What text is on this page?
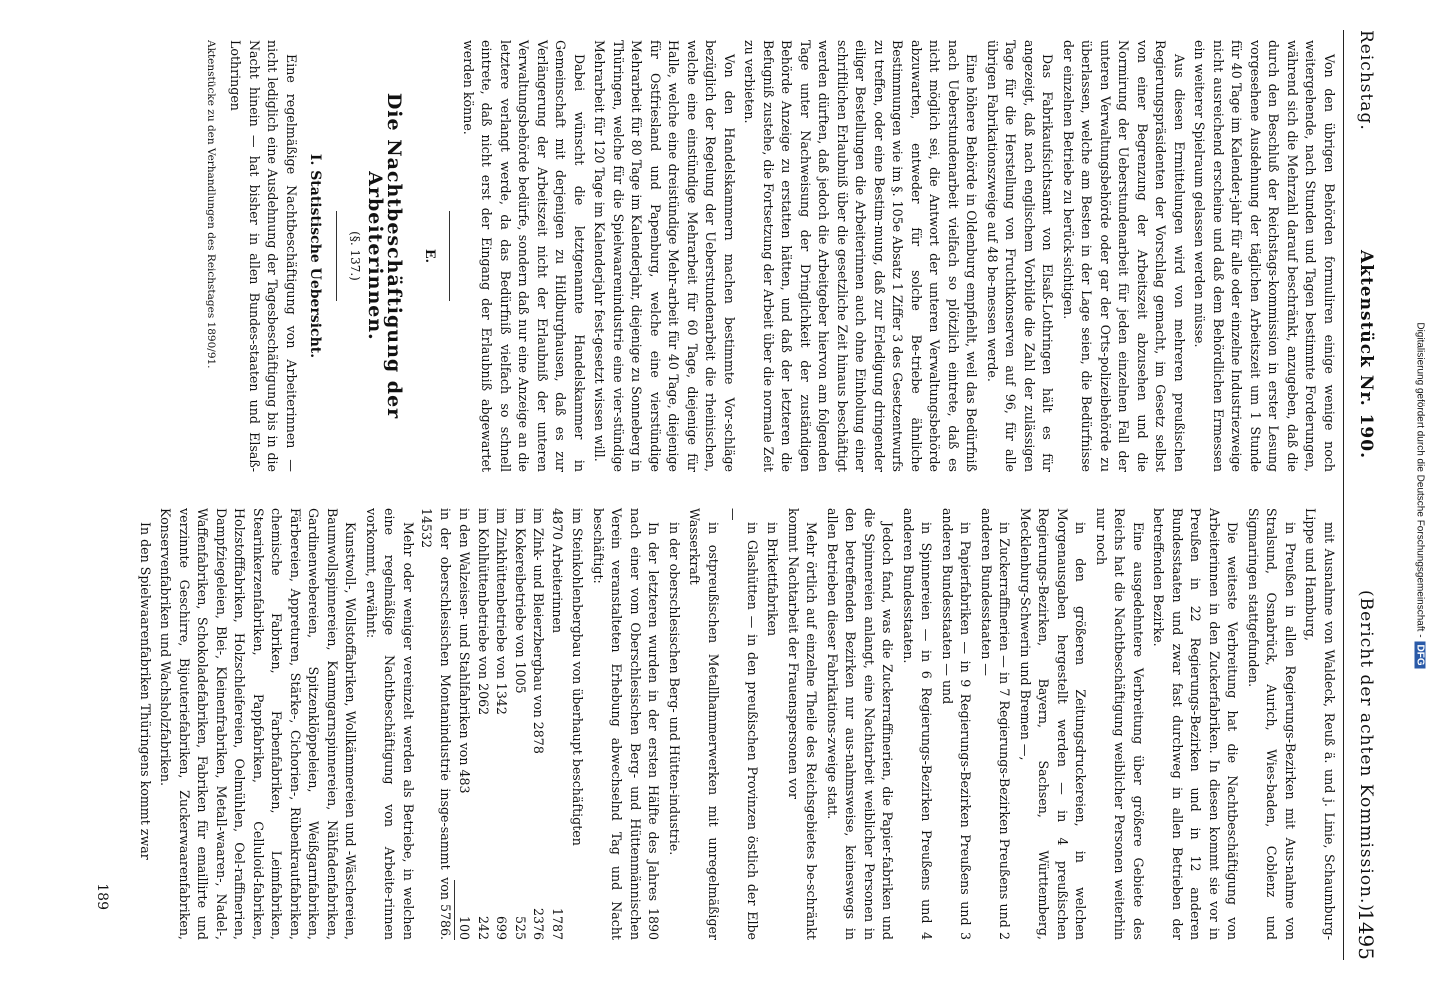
Reichstag.
Aktenstück Nr. 190.
(Bericht der achten Kommission.)
1495

Von den übrigen Behörden formuliren einige wenige noch weitergehende, nach Stunden und Tagen bestimmte Forderungen, während sich die Mehrzahl darauf beschränkt, anzugeben, daß die durch den Beschluß der Reichstags-kommission in erster Lesung vorgesehene Ausdehnung der täglichen Arbeitszeit um 1 Stunde für 40 Tage im Kalender-jahr für alle oder einzelne Industriezweige nicht ausreichend erscheine und daß dem Behördlichen Ermessen ein weiterer Spielraum gelassen werden müsse.

Aus diesen Ermittelungen wird von mehreren preußischen Regierungspräsidenten der Vorschlag gemacht, im Gesetz selbst von einer Begrenzung der Arbeitszeit abzusehen und die Normirung der Ueberstundenarbeit für jeden einzelnen Fall der unteren Verwaltungsbehörde oder gar der Orts-polizeibehörde zu überlassen, welche am Besten in der Lage seien, die Bedürfnisse der einzelnen Betriebe zu berück-sichtigen.

Das Fabrikaufsichtsamt von Elsaß-Lothringen hält es für angezeigt, daß nach englischem Vorbilde die Zahl der zulässigen Tage für die Herstellung von Fruchtkonserven auf 96, für alle übrigen Fabrikationszweige auf 48 be-messen werde.

Eine höhere Behörde in Oldenburg empfiehlt, weil das Bedürfniß nach Ueberstundenarbeit vielfach so plötzlich eintrete, daß es nicht möglich sei, die Antwort der unteren Verwaltungsbehörde abzuwarten, entweder für solche Be-triebe ähnliche Bestimmungen wie im §. 105e Absatz 1 Ziffer 3 des Gesetzentwurfs zu treffen, oder eine Bestim-mung, daß zur Erledigung dringender eiliger Bestellungen die Arbeiterinnen auch ohne Einholung einer schriftlichen Erlaubniß über die gesetzliche Zeit hinaus beschäftigt werden dürften, daß jedoch die Arbeitgeber hiervon am folgenden Tage unter Nachweisung der Dringlichkeit der zuständigen Behörde Anzeige zu erstatten hätten, und daß der letzteren die Befugniß zustehe, die Fortsetzung der Arbeit über die normale Zeit zu verbieten.

Von den Handelskammern machen bestimmte Vor-schläge bezüglich der Regelung der Ueberstundenarbeit die rheinischen, welche eine einstündige Mehrarbeit für 60 Tage, diejenige für Halle, welche eine dreistündige Mehr-arbeit für 40 Tage, diejenige für Ostfriesland und Papenburg, welche eine vierstündige Mehrarbeit für 80 Tage im Kalenderjahr, diejenige zu Sonneberg in Thüringen, welche für die Spielwaarenindustrie eine vier-stündige Mehrarbeit für 120 Tage im Kalenderjahr fest-gesetzt wissen will.

Dabei wünscht die letztgenannte Handelskammer in Gemeinschaft mit derjenigen zu Hildburghausen, daß es zur Verlängerung der Arbeitszeit nicht der Erlaubniß der unteren Verwaltungsbehörde bedürfe, sondern daß nur eine Anzeige an die letztere verlangt werde, da das Bedürfniß vielfach so schnell eintrete, daß nicht erst der Eingang der Erlaubniß abgewartet werden könne.

E.

Die Nachtbeschäftigung der Arbeiterinnen.

(§. 137.)

I. Statistische Uebersicht.

Eine regelmäßige Nachtbeschäftigung von Arbeiterinnen — nicht lediglich eine Ausdehnung der Tagesbeschäftigung bis in die Nacht hinein — hat bisher in allen Bundes-staaten und Elsaß-Lothringen

Aktenstücke zu den Verhandlungen des Reichstages 1890/91.

mit Ausnahme von Waldeck, Reuß ä. und j. Linie, Schaumburg-Lippe und Hamburg,

in Preußen in allen Regierungs-Bezirken mit Aus-nahme von Stralsund, Osnabrück, Aurich, Wies-baden, Coblenz und Sigmaringen stattgefunden.

Die weiteste Verbreitung hat die Nachtbeschäftigung von Arbeiterinnen in den Zuckerfabriken. In diesen kommt sie vor in Preußen in 22 Regierungs-Bezirken und in 12 anderen Bundesstaaten und zwar fast durchweg in allen Betrieben der betreffenden Bezirke.

Eine ausgedehntere Verbreitung über größere Gebiete des Reichs hat die Nachtbeschäftigung weiblicher Personen weiterhin nur noch

in den größeren Zeitungsdruckereien, in welchen Morgenausgaben hergestellt werden — in 4 preußischen Regierungs-Bezirken, Bayern, Sachsen, Württemberg, Mecklenburg-Schwerin und Bremen —,

in Zuckerraffinerien — in 7 Regierungs-Bezirken Preußens und 2 anderen Bundesstaaten —

in Papierfabriken — in 9 Regierungs-Bezirken Preußens und 3 anderen Bundesstaaten — und

in Spinnereien — in 6 Regierungs-Bezirken Preußens und 4 anderen Bundesstaaten.

Jedoch fand, was die Zuckerraffinerien, die Papier-fabriken und die Spinnereien anlangt, eine Nachtarbeit weiblicher Personen in den betreffenden Bezirken nur aus-nahmsweise, keineswegs in allen Betrieben dieser Fabrikations-zweige statt.

Mehr örtlich auf einzelne Theile des Reichsgebietes be-schränkt kommt Nachtarbeit der Frauenspersonen vor

in Brikettfabriken

in Glashütten — in den preußischen Provinzen östlich der Elbe —

in ostpreußischen Metallhammerwerken mit unregelmäßiger Wasserkraft

in der oberschlesischen Berg- und Hütten-industrie.

In der letzteren wurden in der ersten Hälfte des Jahres 1890 nach einer vom Oberschlesischen Berg- und Hüttenmännischen Verein veranstalteten Erhebung abwechselnd Tag und Nacht beschäftigt:

im Steinkohlenbergbau von überhaupt beschäftigten

4870 Arbeiterinnen
1787
im Zink- und Bleierzbergbau von 2878
2376
im Kokereibetriebe von 1005
525
im Zinkhüttenbetriebe von 1342
699
im Kohlhüttenbetriebe von 2062
242
in den Walzeisen- und Stahlfabriken von 483
100
in der oberschlesischen Montanindustrie insge-sammt von 14532
5786.

Mehr oder weniger vereinzelt werden als Betriebe, in welchen eine regelmäßige Nachtbeschäftigung von Arbeite-rinnen vorkommt, erwähnt:

Kunstwoll-, Wollstoffabriken, Wollkämmereien und -Wäschereien, Baumwollspinnereien, Kammgarnspinnereien, Nähfadenfabriken, Gardinenwebereien, Spitzenklöppeleien, Weißgarnfabriken, Färbereien, Appreturen, Stärke-, Cichorien-, Rübenkrautfabriken, chemische Fabriken, Farbenfabriken, Leimfabriken, Stearinkerzenfabriken, Pappfabriken, Celluloid-fabriken, Holzstofffabriken, Holzschleifereien, Oelmühlen, Oel-raffinerien, Dampfziegeleien, Blei-, Kleinenfrabriken, Metall-waaren-, Nadel-, Waffenfabriken, Schokoladefabriken, Fabriken für emaillirte und verzinnte Geschirre, Bijouteriefabriken, Zuckerwaarenfabriken, Konservenfabriken und Wachsholzfabriken.

In den Spielwaarenfabriken Thüringens kommt zwar

189
Digitalisierung gefördert durch die Deutsche Forschungsgemeinschaft -DFG
